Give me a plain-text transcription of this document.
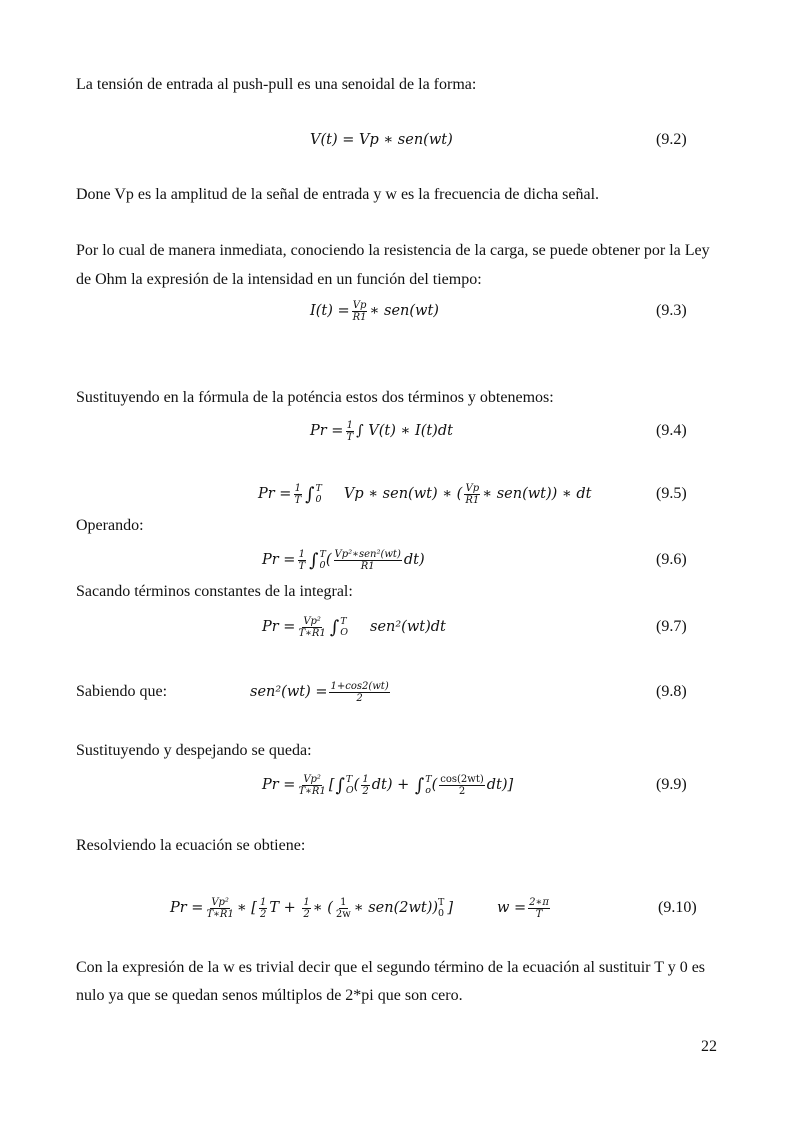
La tensión de entrada al push-pull es una senoidal de la forma:
V(t) = Vp ∗ sen(wt)	(9.2)
Done Vp es la amplitud de la señal de entrada y w es la frecuencia de dicha señal.
Por lo cual de manera inmediata, conociendo la resistencia de la carga, se puede obtener por la Ley
de Ohm la expresión de la intensidad en un función del tiempo:
$I(t) = \frac{Vp}{R1}$ ∗ sen(wt)	(9.3)
Sustituyendo en la fórmula de la poténcia estos dos términos y obtenemos:
$Pr = \frac{1}{T}$ ∫ V(t) ∗ I(t)dt	(9.4)
$Pr = \frac{1}{T}$ ∫ T
0 Vp ∗ sen(wt) ∗ ( $\frac{Vp}{R1}$ ∗ sen(wt)) ∗ dt	(9.5)
Operando:
$Pr = \frac{1}{T}$ ∫ T
0 ( Vp²∗sen²(wt)
R1 dt)	(9.6)
Sacando términos constantes de la integral:
$Pr = \frac{\text{Vp²}}{T∗R1}$ ∫ T
O sen²(wt)dt	(9.7)
Sabiendo que:	$sen^2(wt) = \frac{1+\cos 2(wt)}{2}$	(9.8)
Sustituyendo y despejando se queda:
$Pr = \frac{\text{Vp²}}{T∗R1}$ [ ∫ T
O ( $\frac{1}{2} dt$) +
∫ T
o ( $\frac{\cos(2wt)}{2} dt$)]	(9.9)
Resolviendo la ecuación se obtiene:
$Pr = \frac{\text{Vp²}}{T∗R1}$ ∗ [ $\frac{1}{2}$ T +
$\frac{1}{2}$ ∗ ( $\frac{1}{2w}$ ∗ sen(2wt)) T
0 ]	$w = \frac{2∗\pi}{T}$	(9.10)
Con la expresión de la w es trivial decir que el segundo término de la ecuación al sustituir T y 0 es
nulo ya que se quedan senos múltiplos de 2*pi que son cero.
22
